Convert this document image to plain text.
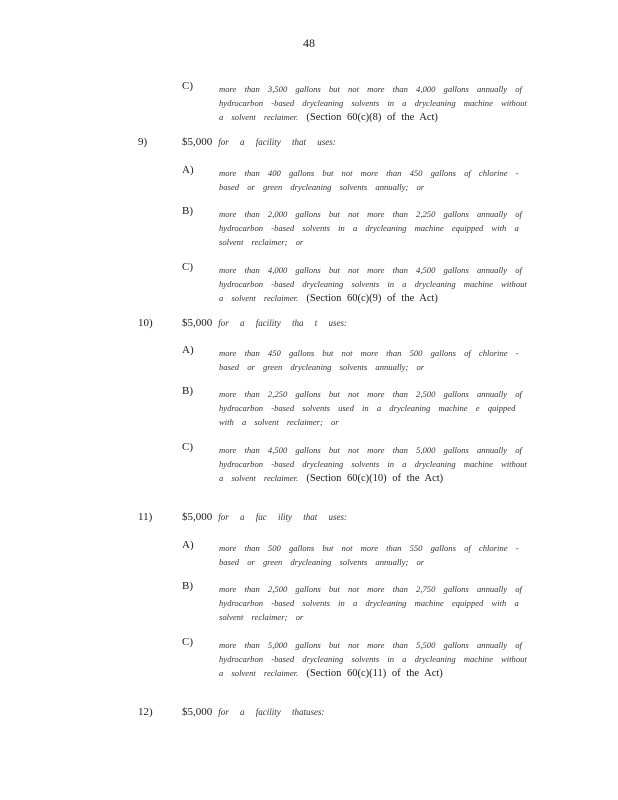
48
C)	more than 3,500 gallons but not more than 4,000 gallons annually of hydrocarbon -based drycleaning solvents in a drycleaning machine without a solvent reclaimer. (Section 60(c)(8) of the Act)
9)	$5,000 for a facility that uses:
A)	more than 400 gallons but not more than 450 gallons of chlorine -based or green drycleaning solvents annually; or
B)	more than 2,000 gallons but not more than 2,250 gallons annually of hydrocarbon -based solvents in a drycleaning machine equipped with a solvent reclaimer; or
C)	more than 4,000 gallons but not more than 4,500 gallons annually of hydrocarbon -based drycleaning solvents in a drycleaning machine without a solvent reclaimer. (Section 60(c)(9) of the Act)
10)	$5,000 for a facility tha t uses:
A)	more than 450 gallons but not more than 500 gallons of chlorine -based or green drycleaning solvents annually; or
B)	more than 2,250 gallons but not more than 2,500 gallons annually of hydrocarbon -based solvents used in a drycleaning machine e quipped with a solvent reclaimer; or
C)	more than 4,500 gallons but not more than 5,000 gallons annually of hydrocarbon -based drycleaning solvents in a drycleaning machine without a solvent reclaimer. (Section 60(c)(10) of the Act)
11)	$5,000 for a fac ility that uses:
A)	more than 500 gallons but not more than 550 gallons of chlorine -based or green drycleaning solvents annually; or
B)	more than 2,500 gallons but not more than 2,750 gallons annually of hydrocarbon -based solvents in a drycleaning machine equipped with a solvent reclaimer; or
C)	more than 5,000 gallons but not more than 5,500 gallons annually of hydrocarbon -based drycleaning solvents in a drycleaning machine without a solvent reclaimer. (Section 60(c)(11) of the Act)
12)	$5,000 for a facility thatuses:
